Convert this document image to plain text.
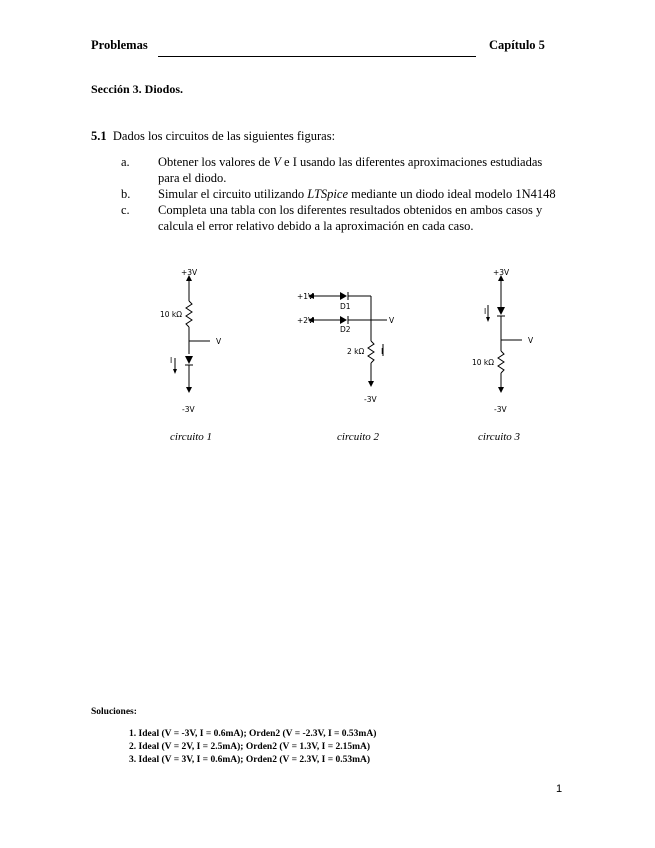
Problemas	Capítulo 5
Sección 3. Diodos.
5.1 Dados los circuitos de las siguientes figuras:
a. Obtener los valores de V e I usando las diferentes aproximaciones estudiadas
para el diodo.
b. Simular el circuito utilizando LTSpice mediante un diodo ideal modelo 1N4148
c. Completa una tabla con los diferentes resultados obtenidos en ambos casos y
calcula el error relativo debido a la aproximación en cada caso.
+3V
10 kΩ
V
I
-3V
+1V
+2V
D1
D2
V
2 kΩ I
-3V
+3V
I
V
10 kΩ
-3V
circuito 1	circuito 2	circuito 3
Soluciones:
1. Ideal (V = -3V, I = 0.6mA); Orden2 (V = -2.3V, I = 0.53mA)
2. Ideal (V = 2V, I = 2.5mA); Orden2 (V = 1.3V, I = 2.15mA)
3. Ideal (V = 3V, I = 0.6mA); Orden2 (V = 2.3V, I = 0.53mA)
1
